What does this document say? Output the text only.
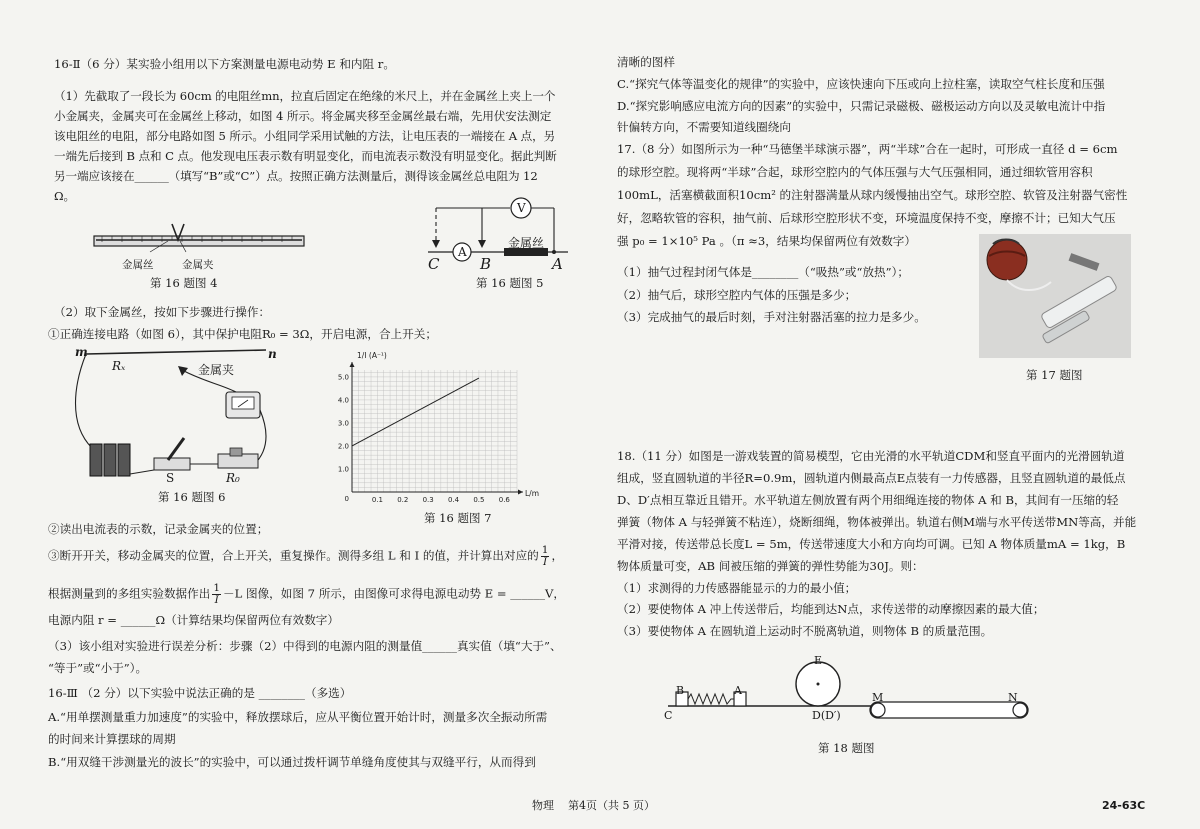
16-Ⅱ（6 分）某实验小组用以下方案测量电源电动势 E 和内阻 r。

（1）先截取了一段长为 60cm 的电阻丝mn，拉直后固定在绝缘的米尺上，并在金属丝上夹上一个

小金属夹，金属夹可在金属丝上移动，如图 4 所示。将金属夹移至金属丝最右端，先用伏安法测定

该电阻丝的电阻，部分电路如图 5 所示。小组同学采用试触的方法，让电压表的一端接在 A 点，另

一端先后接到 B 点和 C 点。他发现电压表示数有明显变化，而电流表示数没有明显变化。据此判断

另一端应该接在______（填写“B”或“C”）点。按照正确方法测量后，测得该金属丝总电阻为 12

Ω。

金属丝	金属夹
第 16 题图 4
A
V
金属丝
C	B	A
第 16 题图 5

（2）取下金属丝，按如下步骤进行操作：

①正确连接电路（如图 6），其中保护电阻R₀ = 3Ω，开启电源，合上开关；

m	n
Rₓ	金属夹
S	R₀
第 16 题图 6	0.1 0.2 0.3 0.4 0.5 0.6
1.0
2.0
3.0
4.0
5.0
0
L/m
1/I (A⁻¹)
第 16 题图 7

②读出电流表的示数，记录金属夹的位置；

③断开开关，移动金属夹的位置，合上开关，重复操作。测得多组 L 和 I 的值，并计算出对应的 $\frac{1}{I}$ ，
根据测量到的多组实验数据作出 $\frac{1}{I} -L$ 图像，如图 7 所示，由图像可求得电源电动势 E = ______V，

电源内阻 r = ______Ω（计算结果均保留两位有效数字）

（3）该小组对实验进行误差分析：步骤（2）中得到的电源内阻的测量值______真实值（填“大于”、

“等于”或“小于”）。

16-Ⅲ （2 分）以下实验中说法正确的是 ________（多选）

A.“用单摆测量重力加速度”的实验中，释放摆球后，应从平衡位置开始计时，测量多次全振动所需

的时间来计算摆球的周期

B.“用双缝干涉测量光的波长”的实验中，可以通过拨杆调节单缝角度使其与双缝平行，从而得到

清晰的图样

C.“探究气体等温变化的规律”的实验中，应该快速向下压或向上拉柱塞，读取空气柱长度和压强

D.“探究影响感应电流方向的因素”的实验中，只需记录磁极、磁极运动方向以及灵敏电流计中指

针偏转方向，不需要知道线圈绕向

17.（8 分）如图所示为一种“马德堡半球演示器”，两“半球”合在一起时，可形成一直径 d = 6cm

的球形空腔。现将两“半球”合起，球形空腔内的气体压强与大气压强相同，通过细软管用容积

100mL，活塞横截面积10cm² 的注射器满量从球内缓慢抽出空气。球形空腔、软管及注射器气密性

好，忽略软管的容积，抽气前、后球形空腔形状不变，环境温度保持不变，摩擦不计；已知大气压

强 p₀ = 1×10⁵ Pa 。（π ≈3，结果均保留两位有效数字）

（1）抽气过程封闭气体是________（“吸热”或“放热”）；

（2）抽气后，球形空腔内气体的压强是多少；

（3）完成抽气的最后时刻，手对注射器活塞的拉力是多少。

第 17 题图

18.（11 分）如图是一游戏装置的简易模型，它由光滑的水平轨道CDM和竖直平面内的光滑圆轨道

组成，竖直圆轨道的半径R=0.9m，圆轨道内侧最高点E点装有一力传感器，且竖直圆轨道的最低点

D、D′点相互靠近且错开。水平轨道左侧放置有两个用细绳连接的物体 A 和 B，其间有一压缩的轻

弹簧（物体 A 与轻弹簧不粘连），烧断细绳，物体被弹出。轨道右侧M端与水平传送带MN等高，并能

平滑对接，传送带总长度L = 5m，传送带速度大小和方向均可调。已知 A 物体质量mA = 1kg，B

物体质量可变，AB 间被压缩的弹簧的弹性势能为30J。则：

（1）求测得的力传感器能显示的力的最小值；

（2）要使物体 A 冲上传送带后，均能到达N点，求传送带的动摩擦因素的最大值；

（3）要使物体 A 在圆轨道上运动时不脱离轨道，则物体 B 的质量范围。

B	A
E
C	D(D′)
M	N
第 18 题图
物理 第4页（共 5 页）	24-63C
